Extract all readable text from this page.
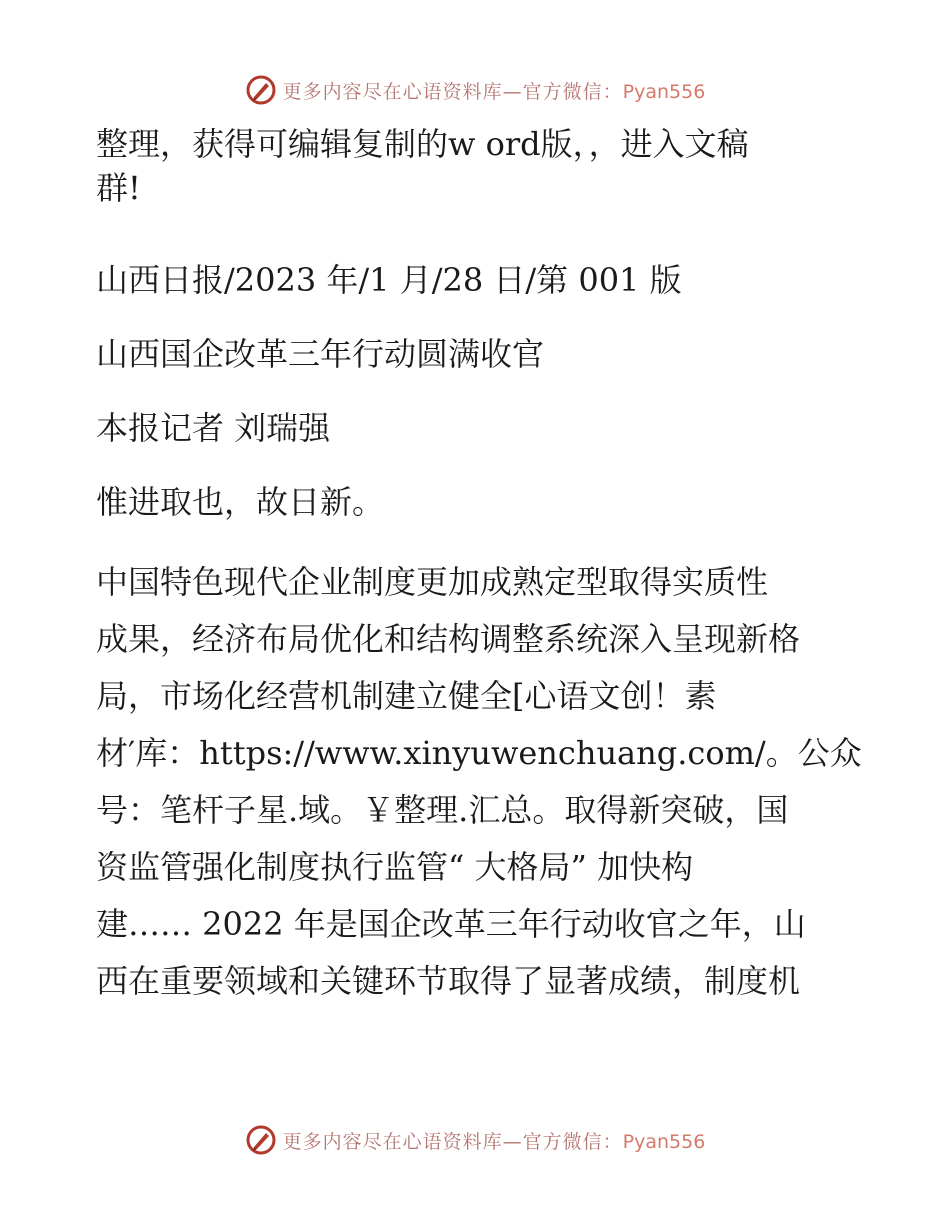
更多内容尽在心语资料库—官方微信：Pyan556
整理，获得可编辑复制的w ord版，，进入文稿
群!
山西日报/2023 年/1 月/28 日/第 001 版
山西国企改革三年行动圆满收官
本报记者 刘瑞强
惟进取也，故日新。
中国特色现代企业制度更加成熟定型取得实质性
成果，经济布局优化和结构调整系统深入呈现新格
局，市场化经营机制建立健全[心语文创！素
材′库：https://www.xinyuwenchuang.com/。公众
号：笔杆子星.域。￥整理.汇总。取得新突破，国
资监管强化制度执行监管“ 大格局” 加快构
建…… 2022 年是国企改革三年行动收官之年，山
西在重要领域和关键环节取得了显著成绩，制度机
更多内容尽在心语资料库—官方微信：Pyan556
